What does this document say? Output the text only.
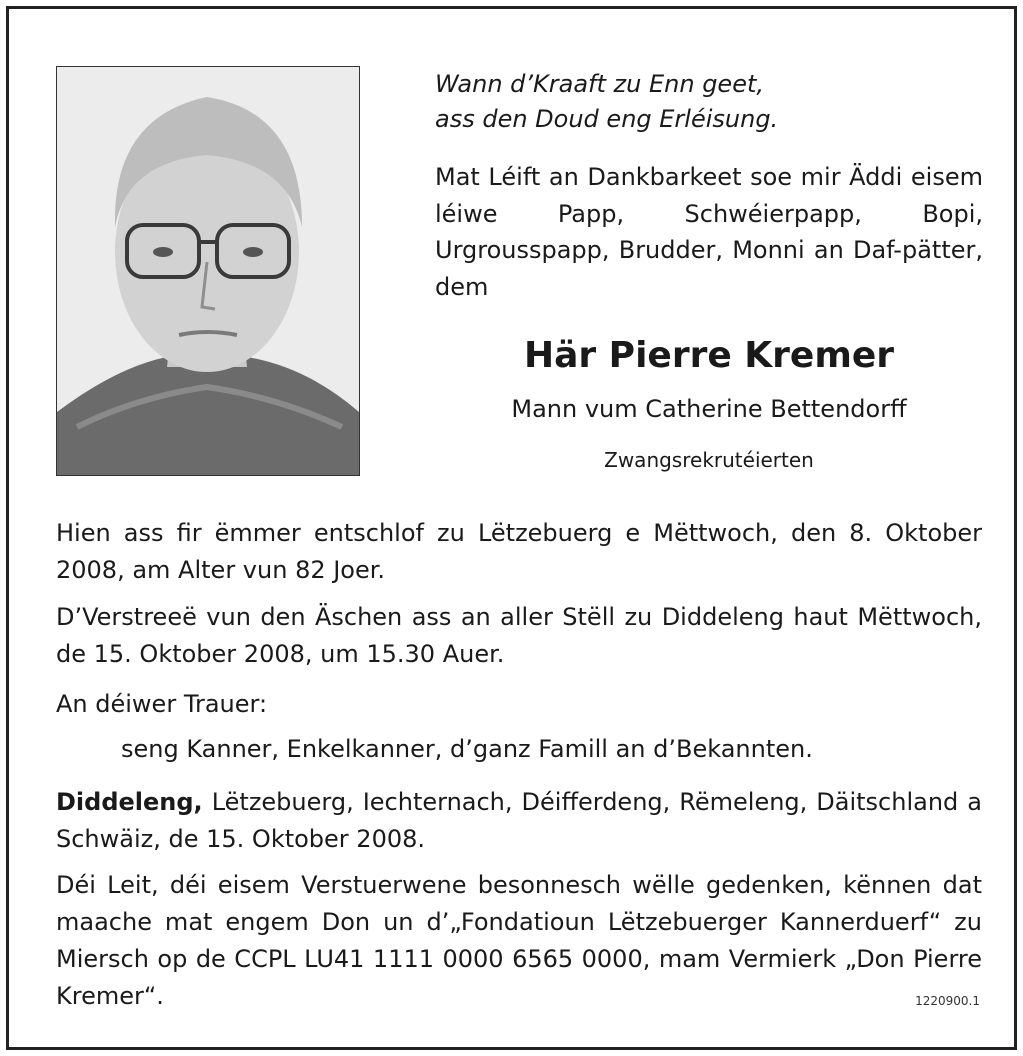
Wann d’Kraaft zu Enn geet,
ass den Doud eng Erléisung.
Mat Léift an Dankbarkeet soe mir Äddi eisem léiwe Papp, Schwéierpapp, Bopi, Urgrousspapp, Brudder, Monni an Daf-pätter, dem
Här Pierre Kremer
Mann vum Catherine Bettendorff
Zwangsrekrutéierten

Hien ass fir ëmmer entschlof zu Lëtzebuerg e Mëttwoch, den 8. Oktober 2008, am Alter vun 82 Joer.

D’Verstreeë vun den Äschen ass an aller Stëll zu Diddeleng haut Mëttwoch, de 15. Oktober 2008, um 15.30 Auer.

An déiwer Trauer:

seng Kanner, Enkelkanner, d’ganz Famill an d’Bekannten.

Diddeleng, Lëtzebuerg, Iechternach, Déifferdeng, Rëmeleng, Däitschland a Schwäiz, de 15. Oktober 2008.

Déi Leit, déi eisem Verstuerwene besonnesch wëlle gedenken, kënnen dat maache mat engem Don un d’„Fondatioun Lëtzebuerger Kannerduerf“ zu Miersch op de CCPL LU41 1111 0000 6565 0000, mam Vermierk „Don Pierre Kremer“.	1220900.1
